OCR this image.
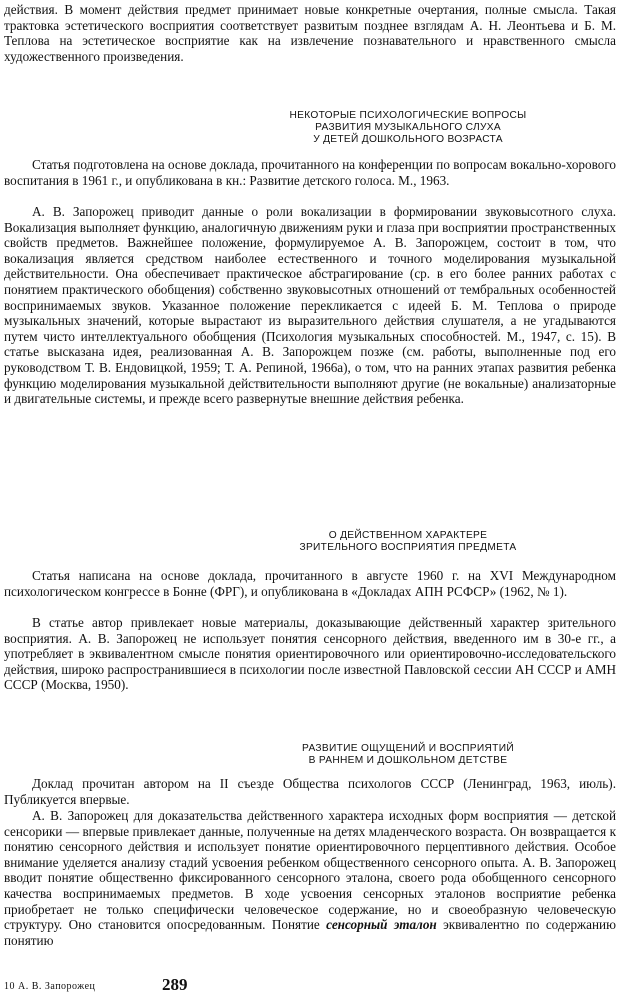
действия. В момент действия предмет принимает новые конкретные очертания, полные смысла. Такая трактовка эстетического восприятия соответствует развитым позднее взглядам А. Н. Леонтьева и Б. М. Теплова на эстетическое восприятие как на извлечение познавательного и нравственного смысла художественного произведения.

НЕКОТОРЫЕ ПСИХОЛОГИЧЕСКИЕ ВОПРОСЫ
РАЗВИТИЯ МУЗЫКАЛЬНОГО СЛУХА
У ДЕТЕЙ ДОШКОЛЬНОГО ВОЗРАСТА

Статья подготовлена на основе доклада, прочитанного на конференции по вопросам вокально-хорового воспитания в 1961 г., и опубликована в кн.: Развитие детского голоса. М., 1963.

А. В. Запорожец приводит данные о роли вокализации в формировании звуковысотного слуха. Вокализация выполняет функцию, аналогичную движениям руки и глаза при восприятии пространственных свойств предметов. Важнейшее положение, формулируемое А. В. Запорожцем, состоит в том, что вокализация является средством наиболее естественного и точного моделирования музыкальной действительности. Она обеспечивает практическое абстрагирование (ср. в его более ранних работах с понятием практического обобщения) собственно звуковысотных отношений от тембральных особенностей воспринимаемых звуков. Указанное положение перекликается с идеей Б. М. Теплова о природе музыкальных значений, которые вырастают из выразительного действия слушателя, а не угадываются путем чисто интеллектуального обобщения (Психология музыкальных способностей. М., 1947, с. 15). В статье высказана идея, реализованная А. В. Запорожцем позже (см. работы, выполненные под его руководством Т. В. Ендовицкой, 1959; Т. А. Репиной, 1966а), о том, что на ранних этапах развития ребенка функцию моделирования музыкальной действительности выполняют другие (не вокальные) анализаторные и двигательные системы, и прежде всего развернутые внешние действия ребенка.

О ДЕЙСТВЕННОМ ХАРАКТЕРЕ
ЗРИТЕЛЬНОГО ВОСПРИЯТИЯ ПРЕДМЕТА

Статья написана на основе доклада, прочитанного в августе 1960 г. на XVI Международном психологическом конгрессе в Бонне (ФРГ), и опубликована в «Докладах АПН РСФСР» (1962, № 1).

В статье автор привлекает новые материалы, доказывающие действенный характер зрительного восприятия. А. В. Запорожец не использует понятия сенсорного действия, введенного им в 30-е гг., а употребляет в эквивалентном смысле понятия ориентировочного или ориентировочно-исследовательского действия, широко распространившиеся в психологии после известной Павловской сессии АН СССР и АМН СССР (Москва, 1950).

РАЗВИТИЕ ОЩУЩЕНИЙ И ВОСПРИЯТИЙ
В РАННЕМ И ДОШКОЛЬНОМ ДЕТСТВЕ

Доклад прочитан автором на II съезде Общества психологов СССР (Ленинград, 1963, июль). Публикуется впервые.

А. В. Запорожец для доказательства действенного характера исходных форм восприятия — детской сенсорики — впервые привлекает данные, полученные на детях младенческого возраста. Он возвращается к понятию сенсорного действия и использует понятие ориентировочного перцептивного действия. Особое внимание уделяется анализу стадий усвоения ребенком общественного сенсорного опыта. А. В. Запорожец вводит понятие общественно фиксированного сенсорного эталона, своего рода обобщенного сенсорного качества воспринимаемых предметов. В ходе усвоения сенсорных эталонов восприятие ребенка приобретает не только специфически человеческое содержание, но и своеобразную человеческую структуру. Оно становится опосредованным. Понятие сенсорный эталон эквивалентно по содержанию понятию

10 А. В. Запорожец	289
